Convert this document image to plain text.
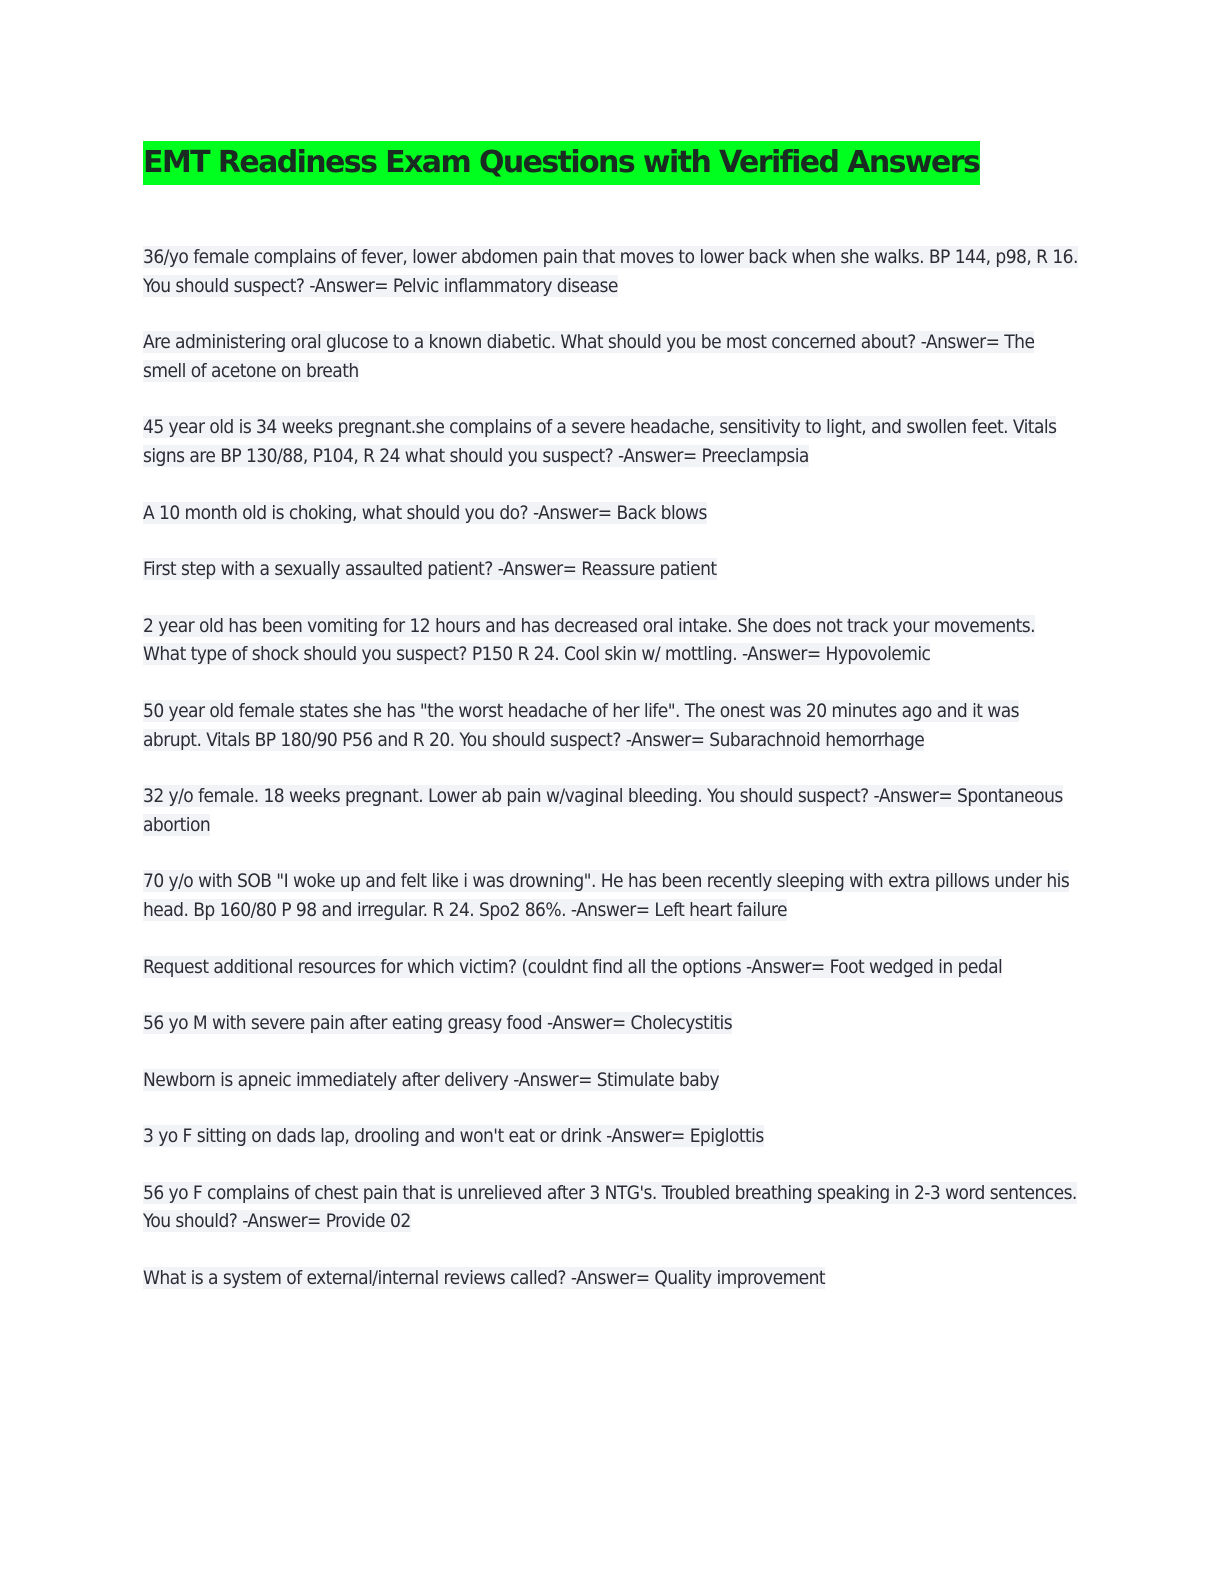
EMT Readiness Exam Questions with Verified Answers

36/yo female complains of fever, lower abdomen pain that moves to lower back when she walks. BP 144, p98, R 16. You should suspect? -Answer= Pelvic inflammatory disease

Are administering oral glucose to a known diabetic. What should you be most concerned about? -Answer= The smell of acetone on breath

45 year old is 34 weeks pregnant.she complains of a severe headache, sensitivity to light, and swollen feet. Vitals signs are BP 130/88, P104, R 24 what should you suspect? -Answer= Preeclampsia

A 10 month old is choking, what should you do? -Answer= Back blows

First step with a sexually assaulted patient? -Answer= Reassure patient

2 year old has been vomiting for 12 hours and has decreased oral intake. She does not track your movements. What type of shock should you suspect? P150 R 24. Cool skin w/ mottling. -Answer= Hypovolemic

50 year old female states she has "the worst headache of her life". The onest was 20 minutes ago and it was abrupt. Vitals BP 180/90 P56 and R 20. You should suspect? -Answer= Subarachnoid hemorrhage

32 y/o female. 18 weeks pregnant. Lower ab pain w/vaginal bleeding. You should suspect? -Answer= Spontaneous abortion

70 y/o with SOB "I woke up and felt like i was drowning". He has been recently sleeping with extra pillows under his head. Bp 160/80 P 98 and irregular. R 24. Spo2 86%. -Answer= Left heart failure

Request additional resources for which victim? (couldnt find all the options -Answer= Foot wedged in pedal

56 yo M with severe pain after eating greasy food -Answer= Cholecystitis

Newborn is apneic immediately after delivery -Answer= Stimulate baby

3 yo F sitting on dads lap, drooling and won't eat or drink -Answer= Epiglottis

56 yo F complains of chest pain that is unrelieved after 3 NTG's. Troubled breathing speaking in 2-3 word sentences. You should? -Answer= Provide 02

What is a system of external/internal reviews called? -Answer= Quality improvement
